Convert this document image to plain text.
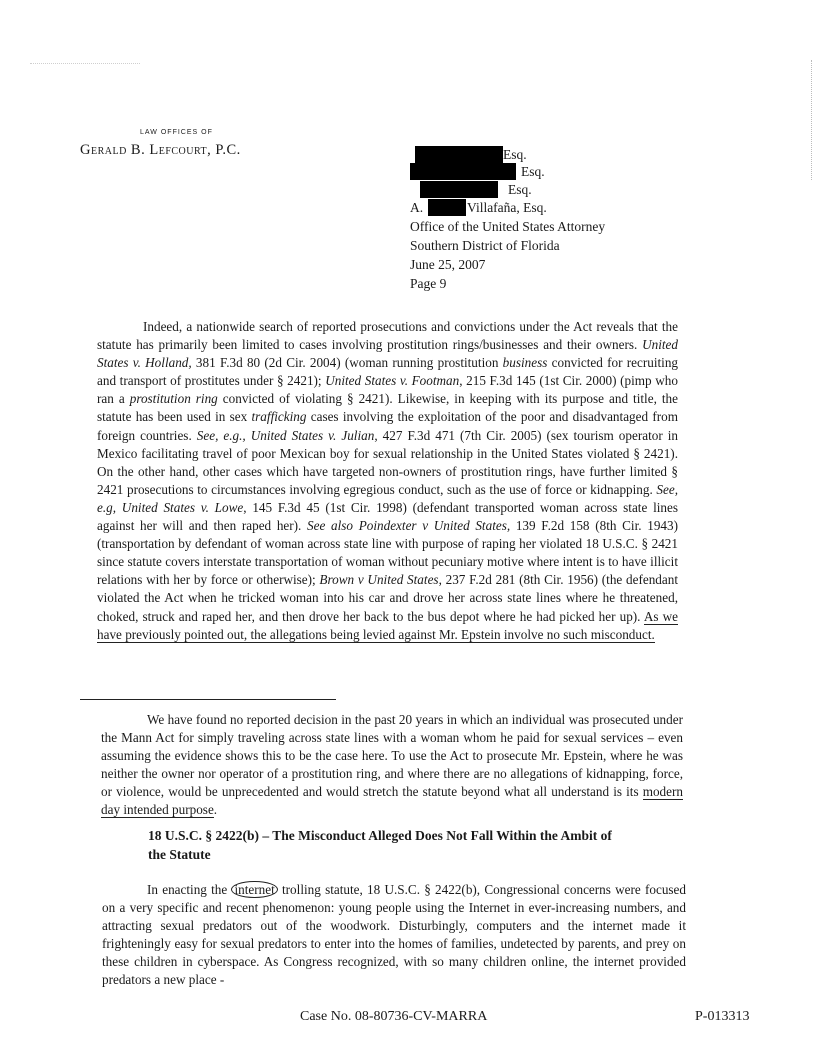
LAW OFFICES OF
Gerald B. Lefcourt, P.C.	Esq.
Esq.
Esq.
A.	Villafaña, Esq.
Office of the United States Attorney
Southern District of Florida
June 25, 2007
Page 9
Indeed, a nationwide search of reported prosecutions and convictions under the Act reveals that the statute has primarily been limited to cases involving prostitution rings/businesses and their owners. United States v. Holland, 381 F.3d 80 (2d Cir. 2004) (woman running prostitution business convicted for recruiting and transport of prostitutes under § 2421); United States v. Footman, 215 F.3d 145 (1st Cir. 2000) (pimp who ran a prostitution ring convicted of violating § 2421). Likewise, in keeping with its purpose and title, the statute has been used in sex trafficking cases involving the exploitation of the poor and disadvantaged from foreign countries. See, e.g., United States v. Julian, 427 F.3d 471 (7th Cir. 2005) (sex tourism operator in Mexico facilitating travel of poor Mexican boy for sexual relationship in the United States violated § 2421). On the other hand, other cases which have targeted non-owners of prostitution rings, have further limited § 2421 prosecutions to circumstances involving egregious conduct, such as the use of force or kidnapping. See, e.g, United States v. Lowe, 145 F.3d 45 (1st Cir. 1998) (defendant transported woman across state lines against her will and then raped her). See also Poindexter v United States, 139 F.2d 158 (8th Cir. 1943) (transportation by defendant of woman across state line with purpose of raping her violated 18 U.S.C. § 2421 since statute covers interstate transportation of woman without pecuniary motive where intent is to have illicit relations with her by force or otherwise); Brown v United States, 237 F.2d 281 (8th Cir. 1956) (the defendant violated the Act when he tricked woman into his car and drove her across state lines where he threatened, choked, struck and raped her, and then drove her back to the bus depot where he had picked her up). As we have previously pointed out, the allegations being levied against Mr. Epstein involve no such misconduct.
We have found no reported decision in the past 20 years in which an individual was prosecuted under the Mann Act for simply traveling across state lines with a woman whom he paid for sexual services – even assuming the evidence shows this to be the case here. To use the Act to prosecute Mr. Epstein, where he was neither the owner nor operator of a prostitution ring, and where there are no allegations of kidnapping, force, or violence, would be unprecedented and would stretch the statute beyond what all understand is its modern day intended purpose.
18 U.S.C. § 2422(b) – The Misconduct Alleged Does Not Fall Within the Ambit of the Statute
In enacting the internet trolling statute, 18 U.S.C. § 2422(b), Congressional concerns were focused on a very specific and recent phenomenon: young people using the Internet in ever-increasing numbers, and attracting sexual predators out of the woodwork. Disturbingly, computers and the internet made it frighteningly easy for sexual predators to enter into the homes of families, undetected by parents, and prey on these children in cyberspace. As Congress recognized, with so many children online, the internet provided predators a new place -
Case No. 08-80736-CV-MARRA	P-013313
